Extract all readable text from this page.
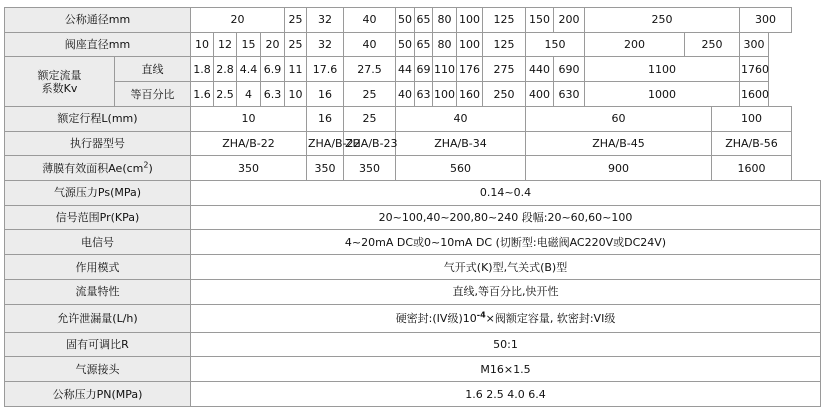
公称通径mm		20				25	32	40	50	65	80	100	125	150	200	250			300
阀座直径mm		10	12	15	20	25	32	40	50	65	80	100	125	150		200	250		300
额定流量
系数Kv	直线	1.8	2.8	4.4	6.9	11	17.6	27.5	44	69	110	176	275	440	690	1100			1760
	等百分比	1.6	2.5	4	6.3	10	16	25	40	63	100	160	250	400	630	1000			1600
额定行程L(mm)		10					16	25	40					60				100	
执行器型号		ZHA/B-22					ZHA/B-22	ZHA/B-23	ZHA/B-34					ZHA/B-45				ZHA/B-56	
薄膜有效面积$Ae(cm^2)$		350					350	350	560					900				1600	
气源压力Ps(MPa)		0.14~0.4																	
信号范围Pr(KPa)		20~100,40~200,80~240 段幅:20~60,60~100																	
电信号		4~20mA DC或0~10mA DC (切断型:电磁阀AC220V或DC24V)																	
作用模式		气开式(K)型,气关式(B)型																	
流量特性		直线,等百分比,快开性																	
允许泄漏量(L/h)		硬密封:(IV级)$10^{-4}\times$阀额定容量, 软密封:VI级																	
固有可调比R		50:1																	
气源接头		M16×1.5																	
公称压力PN(MPa)		1.6 2.5 4.0 6.4																	
